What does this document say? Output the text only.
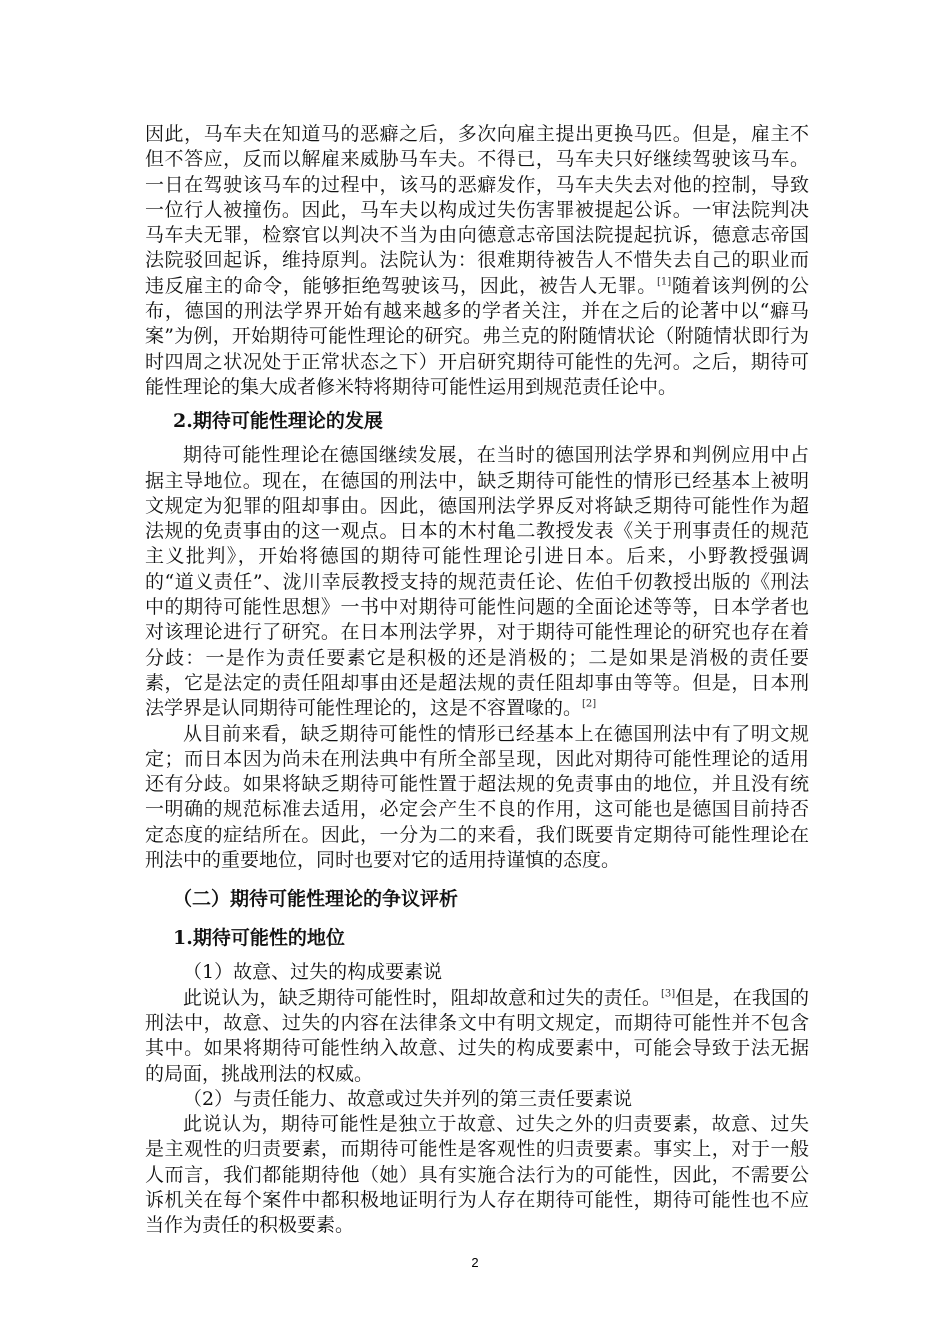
因此，马车夫在知道马的恶癖之后，多次向雇主提出更换马匹。但是，雇主不但不答应，反而以解雇来威胁马车夫。不得已，马车夫只好继续驾驶该马车。一日在驾驶该马车的过程中，该马的恶癖发作，马车夫失去对他的控制，导致一位行人被撞伤。因此，马车夫以构成过失伤害罪被提起公诉。一审法院判决马车夫无罪，检察官以判决不当为由向德意志帝国法院提起抗诉，德意志帝国法院驳回起诉，维持原判。法院认为：很难期待被告人不惜失去自己的职业而违反雇主的命令，能够拒绝驾驶该马，因此，被告人无罪。[1]随着该判例的公布，德国的刑法学界开始有越来越多的学者关注，并在之后的论著中以“癖马案”为例，开始期待可能性理论的研究。弗兰克的附随情状论（附随情状即行为时四周之状况处于正常状态之下）开启研究期待可能性的先河。之后，期待可能性理论的集大成者修米特将期待可能性运用到规范责任论中。

2.期待可能性理论的发展

期待可能性理论在德国继续发展，在当时的德国刑法学界和判例应用中占据主导地位。现在，在德国的刑法中，缺乏期待可能性的情形已经基本上被明文规定为犯罪的阻却事由。因此，德国刑法学界反对将缺乏期待可能性作为超法规的免责事由的这一观点。日本的木村亀二教授发表《关于刑事责任的规范主义批判》，开始将德国的期待可能性理论引进日本。后来，小野教授强调的“道义责任”、泷川幸辰教授支持的规范责任论、佐伯千仞教授出版的《刑法中的期待可能性思想》一书中对期待可能性问题的全面论述等等，日本学者也对该理论进行了研究。在日本刑法学界，对于期待可能性理论的研究也存在着分歧：一是作为责任要素它是积极的还是消极的；二是如果是消极的责任要素，它是法定的责任阻却事由还是超法规的责任阻却事由等等。但是，日本刑法学界是认同期待可能性理论的，这是不容置喙的。[2]

从目前来看，缺乏期待可能性的情形已经基本上在德国刑法中有了明文规定；而日本因为尚未在刑法典中有所全部呈现，因此对期待可能性理论的适用还有分歧。如果将缺乏期待可能性置于超法规的免责事由的地位，并且没有统一明确的规范标准去适用，必定会产生不良的作用，这可能也是德国目前持否定态度的症结所在。因此，一分为二的来看，我们既要肯定期待可能性理论在刑法中的重要地位，同时也要对它的适用持谨慎的态度。

（二）期待可能性理论的争议评析

1.期待可能性的地位

（1）故意、过失的构成要素说

此说认为，缺乏期待可能性时，阻却故意和过失的责任。[3]但是，在我国的刑法中，故意、过失的内容在法律条文中有明文规定，而期待可能性并不包含其中。如果将期待可能性纳入故意、过失的构成要素中，可能会导致于法无据的局面，挑战刑法的权威。

（2）与责任能力、故意或过失并列的第三责任要素说

此说认为，期待可能性是独立于故意、过失之外的归责要素，故意、过失是主观性的归责要素，而期待可能性是客观性的归责要素。事实上，对于一般人而言，我们都能期待他（她）具有实施合法行为的可能性，因此，不需要公诉机关在每个案件中都积极地证明行为人存在期待可能性，期待可能性也不应当作为责任的积极要素。

2
